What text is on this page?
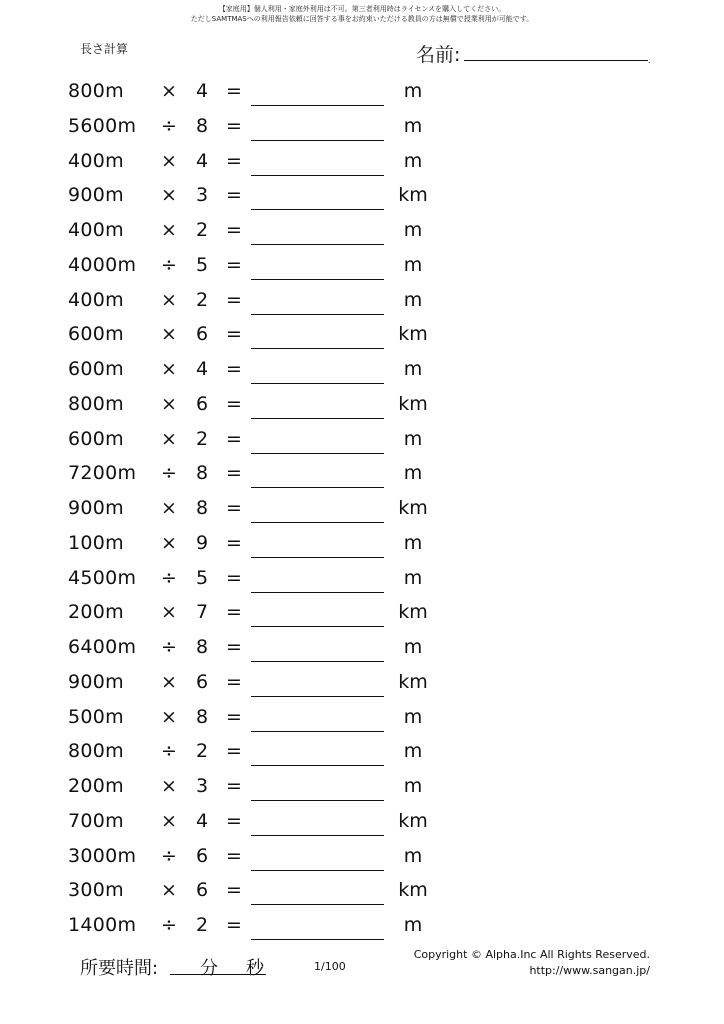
【家庭用】個人利用・家庭外利用は不可。第三者利用時はライセンスを購入してください。
ただしSAMTMASへの利用報告依頼に回答する事をお約束いただける教員の方は無償で授業利用が可能です。
長さ計算	名前:	.
800m × 4 =	m
5600m ÷ 8 =	m
400m × 4 =	m
900m × 3 =	km
400m × 2 =	m
4000m ÷ 5 =	m
400m × 2 =	m
600m × 6 =	km
600m × 4 =	m
800m × 6 =	km
600m × 2 =	m
7200m ÷ 8 =	m
900m × 8 =	km
100m × 9 =	m
4500m ÷ 5 =	m
200m × 7 =	km
6400m ÷ 8 =	m
900m × 6 =	km
500m × 8 =	m
800m ÷ 2 =	m
200m × 3 =	m
700m × 4 =	km
3000m ÷ 6 =	m
300m × 6 =	km
1400m ÷ 2 =	m
所要時間: 分 秒	1/100
Copyright © Alpha.Inc All Rights Reserved.
http://www.sangan.jp/
